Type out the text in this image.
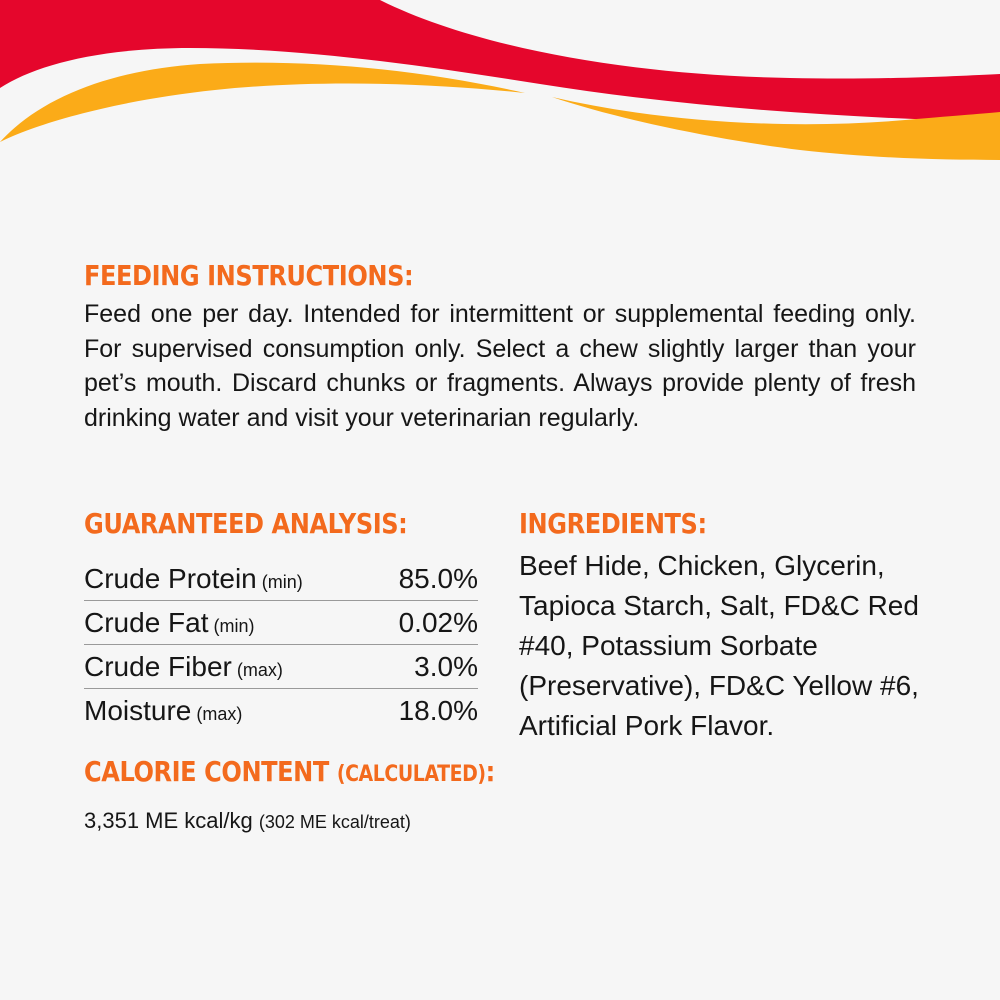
FEEDING INSTRUCTIONS:

Feed one per day. Intended for intermittent or supplemental feeding only. For supervised consumption only. Select a chew slightly larger than your pet’s mouth. Discard chunks or fragments. Always provide plenty of fresh drinking water and visit your veterinarian regularly.

GUARANTEED ANALYSIS:
Crude Protein (min)	85.0%
Crude Fat (min)	0.02%
Crude Fiber (max)	3.0%
Moisture (max)	18.0%
CALORIE CONTENT (CALCULATED):

3,351 ME kcal/kg (302 ME kcal/treat)

INGREDIENTS:

Beef Hide, Chicken, Glycerin, Tapioca Starch, Salt, FD&C Red #40, Potassium Sorbate (Preservative), FD&C Yellow #6, Artificial Pork Flavor.
